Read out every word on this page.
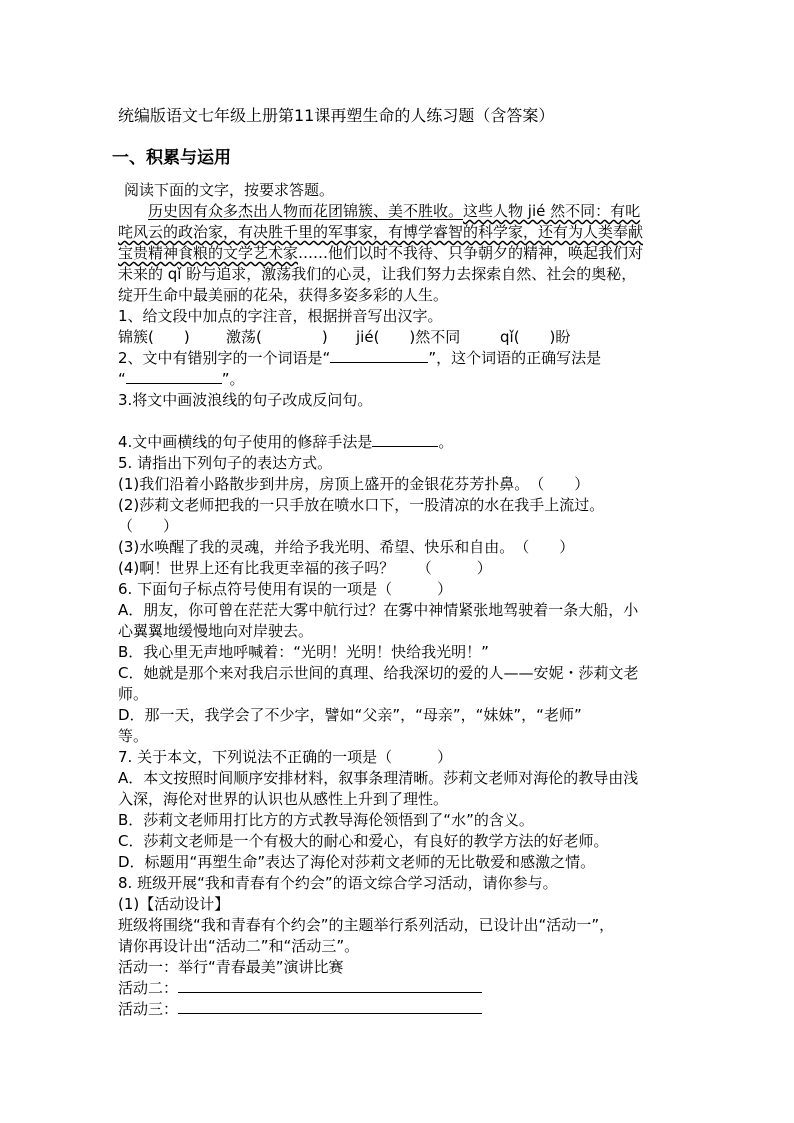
统编版语文七年级上册第11课再塑生命的人练习题（含答案）
一、积累与运用
阅读下面的文字，按要求答题。
历史因有众多杰出人物而花团锦簇、美不胜收。这些人物 jié 然不同：有叱
咤风云的政治家，有决胜千里的军事家，有博学睿智的科学家，还有为人类奉献
宝贵精神食粮的文学艺术家……他们以时不我待、只争朝夕的精神，唤起我们对
未来的 qǐ 盼与追求，激荡我们的心灵，让我们努力去探索自然、社会的奥秘，
绽开生命中最美丽的花朵，获得多姿多彩的人生。
1、给文段中加点的字注音，根据拼音写出汉字。
锦簇(　　) 激荡(　　　　) jié(　　)然不同	qǐ(　　)盼
2、文中有错别字的一个词语是“	”，这个词语的正确写法是
“	”。
3.将文中画波浪线的句子改成反问句。
4.文中画横线的句子使用的修辞手法是	。
5. 请指出下列句子的表达方式。
(1)我们沿着小路散步到井房，房顶上盛开的金银花芬芳扑鼻。　（　　）
(2)莎莉文老师把我的一只手放在喷水口下，一股清凉的水在我手上流过。
（　　）
(3)水唤醒了我的灵魂，并给予我光明、希望、快乐和自由。　（　　）
(4)啊！世界上还有比我更幸福的孩子吗？　　（　　　）
6. 下面句子标点符号使用有误的一项是（　　　）
A．朋友，你可曾在茫茫大雾中航行过？在雾中神情紧张地驾驶着一条大船，小
心翼翼地缓慢地向对岸驶去。
B．我心里无声地呼喊着：“光明！光明！快给我光明！”
C．她就是那个来对我启示世间的真理、给我深切的爱的人——安妮・莎莉文老
师。
D．那一天，我学会了不少字，譬如“父亲”，“母亲”，“妹妹”，“老师”
等。
7. 关于本文，下列说法不正确的一项是（　　　）
A．本文按照时间顺序安排材料，叙事条理清晰。莎莉文老师对海伦的教导由浅
入深，海伦对世界的认识也从感性上升到了理性。
B．莎莉文老师用打比方的方式教导海伦领悟到了“水”的含义。
C．莎莉文老师是一个有极大的耐心和爱心，有良好的教学方法的好老师。
D．标题用“再塑生命”表达了海伦对莎莉文老师的无比敬爱和感激之情。
8. 班级开展“我和青春有个约会”的语文综合学习活动，请你参与。
(1)【活动设计】
班级将围绕“我和青春有个约会”的主题举行系列活动，已设计出“活动一”，
请你再设计出“活动二”和“活动三”。
活动一：举行“青春最美”演讲比赛
活动二：
活动三：
